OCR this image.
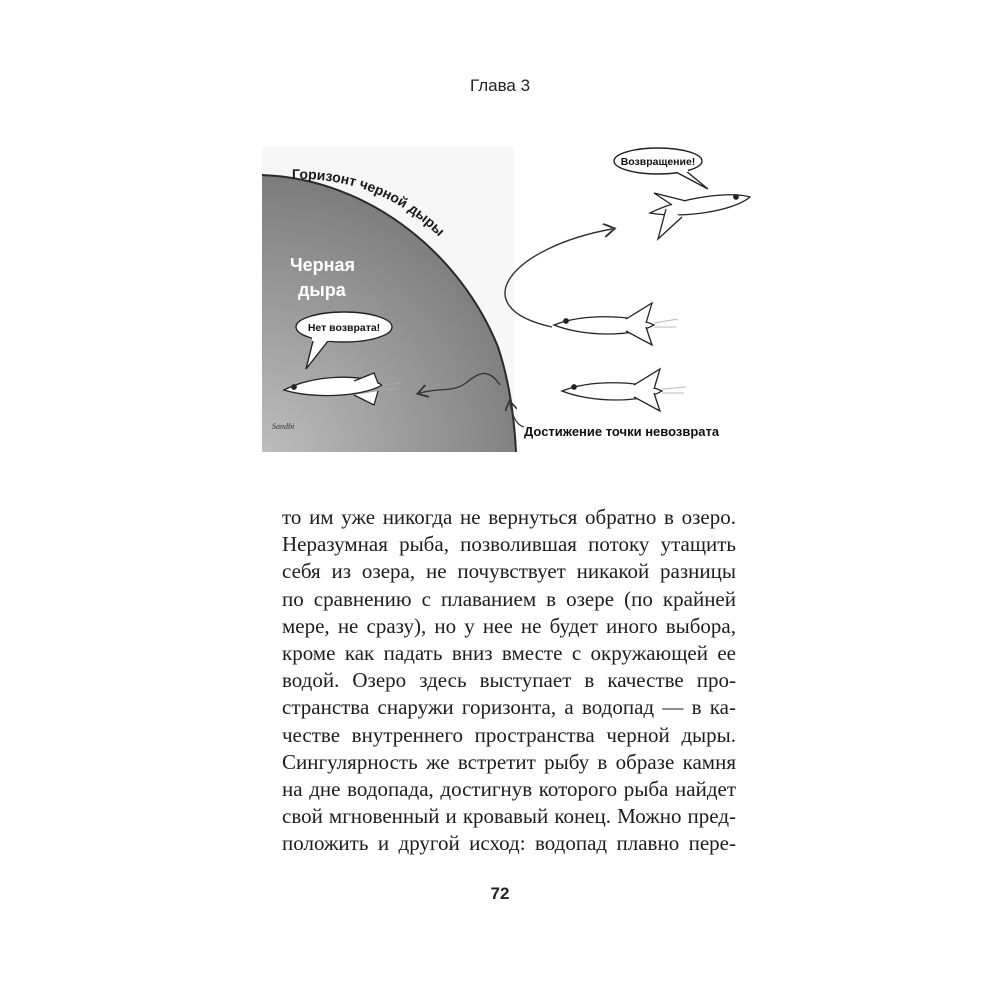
Глава 3
Горизонт черной дыры
Черная
дыра
Нет возврата!
Достижение точки невозврата
Возвращение!
Sandbi
то им уже никогда не вернуться обратно в озеро.
Неразумная рыба, позволившая потоку утащить
себя из озера, не почувствует никакой разницы
по сравнению с плаванием в озере (по крайней
мере, не сразу), но у нее не будет иного выбора,
кроме как падать вниз вместе с окружающей ее
водой. Озеро здесь выступает в качестве про-
странства снаружи горизонта, а водопад — в ка-
честве внутреннего пространства черной дыры.
Сингулярность же встретит рыбу в образе камня
на дне водопада, достигнув которого рыба найдет
свой мгновенный и кровавый конец. Можно пред-
положить и другой исход: водопад плавно пере-
72
